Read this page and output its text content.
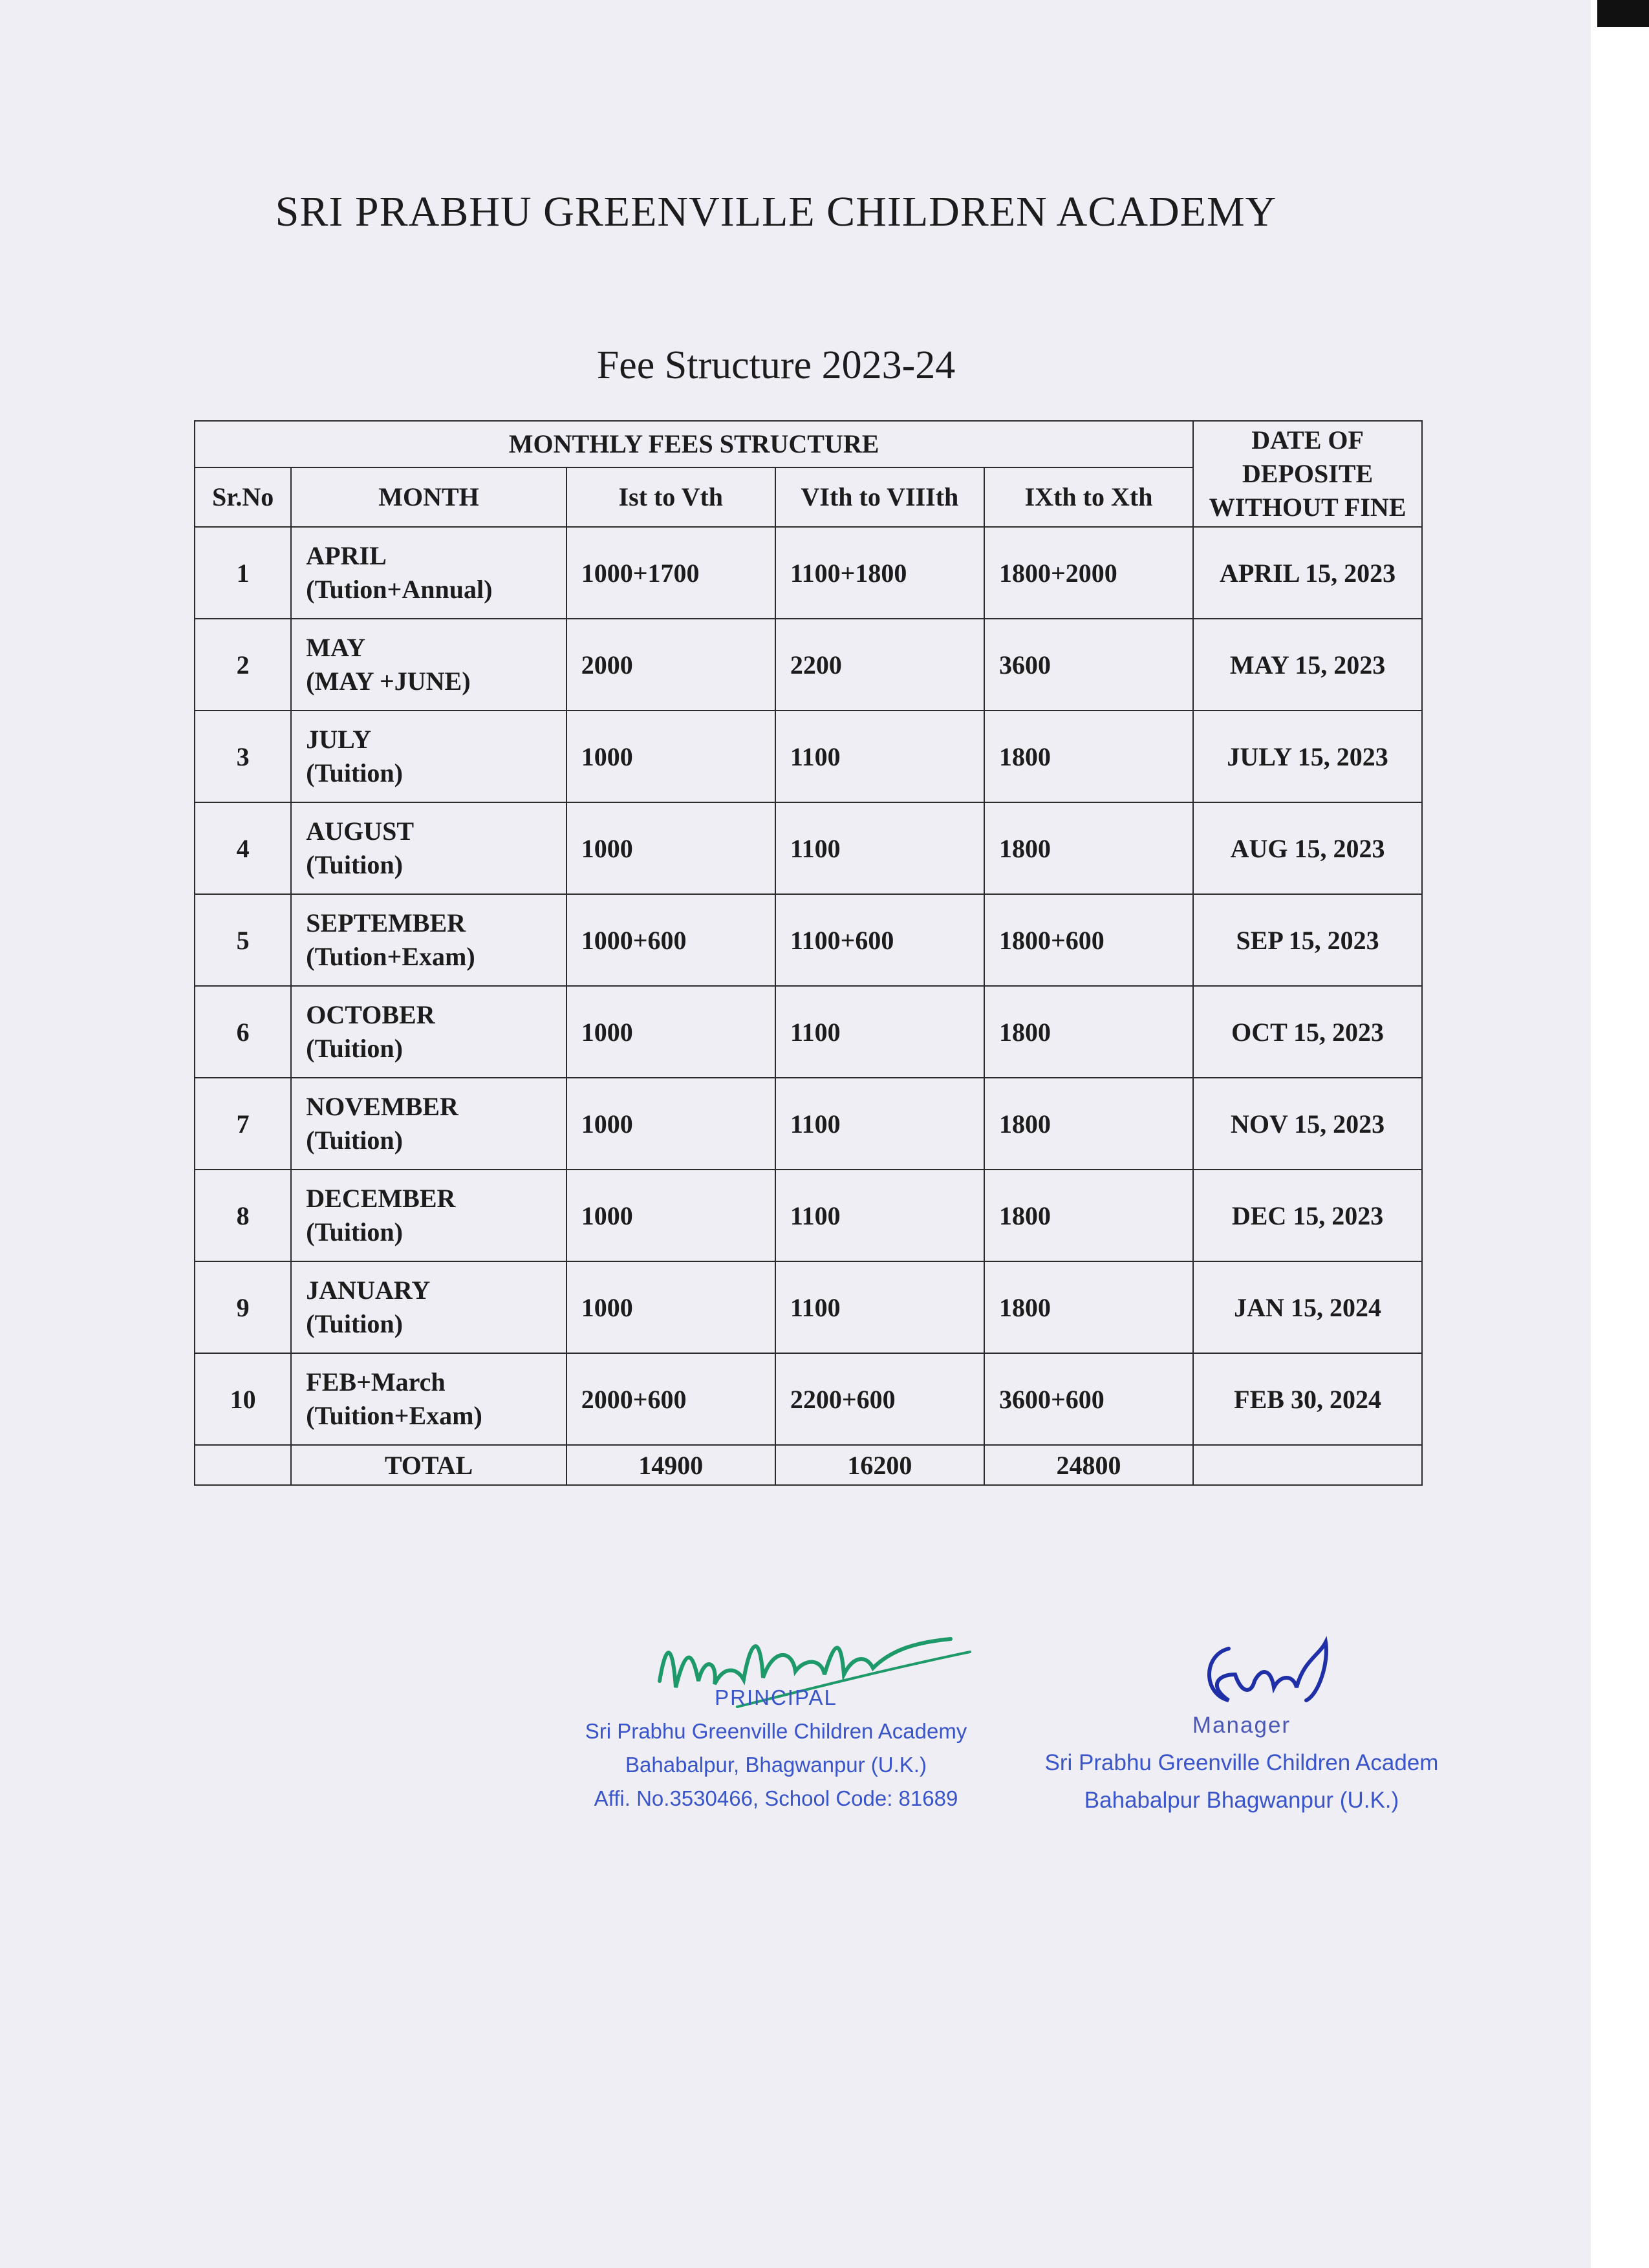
SRI PRABHU GREENVILLE CHILDREN ACADEMY
Fee Structure 2023-24
MONTHLY FEES STRUCTURE					DATE OF DEPOSITE WITHOUT FINE
Sr.No	MONTH	Ist to Vth	VIth to VIIIth	IXth to Xth	
1	APRIL
(Tution+Annual)	1000+1700	1100+1800	1800+2000	APRIL 15, 2023
2	MAY
(MAY +JUNE)	2000	2200	3600	MAY 15, 2023
3	JULY
(Tuition)	1000	1100	1800	JULY 15, 2023
4	AUGUST
(Tuition)	1000	1100	1800	AUG 15, 2023
5	SEPTEMBER
(Tution+Exam)	1000+600	1100+600	1800+600	SEP 15, 2023
6	OCTOBER
(Tuition)	1000	1100	1800	OCT 15, 2023
7	NOVEMBER
(Tuition)	1000	1100	1800	NOV 15, 2023
8	DECEMBER
(Tuition)	1000	1100	1800	DEC 15, 2023
9	JANUARY
(Tuition)	1000	1100	1800	JAN 15, 2024
10	FEB+March
(Tuition+Exam)	2000+600	2200+600	3600+600	FEB 30, 2024
	TOTAL	14900	16200	24800	
PRINCIPAL
Sri Prabhu Greenville Children Academy
Bahabalpur, Bhagwanpur (U.K.)
Affi. No.3530466, School Code: 81689
Manager
Sri Prabhu Greenville Children Academ
Bahabalpur Bhagwanpur (U.K.)
